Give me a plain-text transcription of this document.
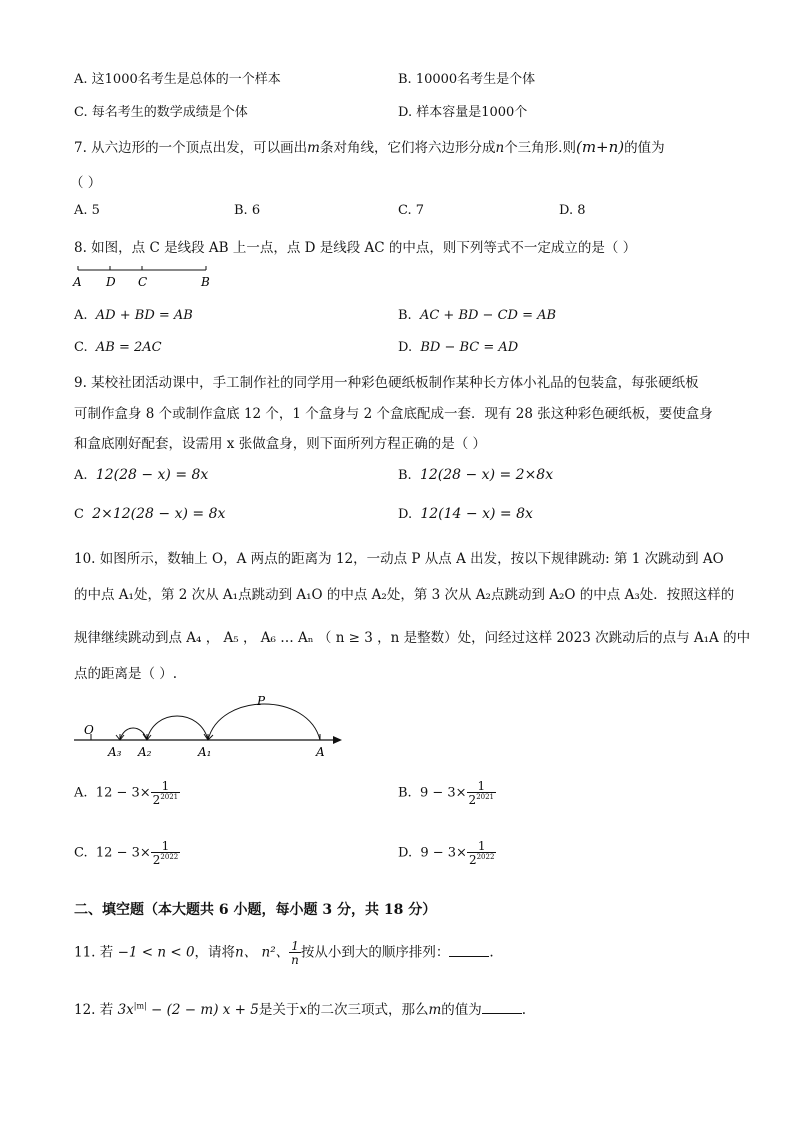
A. 这1000名考生是总体的一个样本	B. 10000名考生是个体
C. 每名考生的数学成绩是个体	D. 样本容量是1000个
7. 从六边形的一个顶点出发，可以画出m条对角线，它们将六边形分成n个三角形.则(m+n)的值为
（ ）
A. 5	B. 6	C. 7	D. 8
8. 如图，点 C 是线段 AB 上一点，点 D 是线段 AC 的中点，则下列等式不一定成立的是（ ）
A D C	B
A. AD + BD = AB	B. AC + BD − CD = AB
C. AB = 2AC	D. BD − BC = AD
9. 某校社团活动课中，手工制作社的同学用一种彩色硬纸板制作某种长方体小礼品的包装盒，每张硬纸板
可制作盒身 8 个或制作盒底 12 个，1 个盒身与 2 个盒底配成一套．现有 28 张这种彩色硬纸板，要使盒身
和盒底刚好配套，设需用 x 张做盒身，则下面所列方程正确的是（ ）
A. 12(28 − x) = 8x	B. 12(28 − x) = 2×8x
C 2×12(28 − x) = 8x	D. 12(14 − x) = 8x
10. 如图所示，数轴上 O，A 两点的距离为 12，一动点 P 从点 A 出发，按以下规律跳动: 第 1 次跳动到 AO
的中点 A₁处，第 2 次从 A₁点跳动到 A₁O 的中点 A₂处，第 3 次从 A₂点跳动到 A₂O 的中点 A₃处．按照这样的
规律继续跳动到点 A₄ ， A₅ ， A₆ … Aₙ （ n ≥ 3 ，n 是整数）处，问经过这样 2023 次跳动后的点与 A₁A 的中
点的距离是（ ）.
O
P
A₃ A₂	A₁	A
A. $12 - 3\times \frac{1}{2^{2021}}$	B. $9 - 3\times \frac{1}{2^{2021}}$
C. $12 - 3\times \frac{1}{2^{2022}}$	D. $9 - 3\times \frac{1}{2^{2022}}$
二、填空题（本大题共 6 小题，每小题 3 分，共 18 分）
11. 若 −1 < n < 0，请将n、 n²、 $\frac{1}{n}$ 按从小到大的顺序排列：	.
12. 若 $3x^{|m|} - (2 - m) x + 5$是关于x的二次三项式，那么m的值为	.
